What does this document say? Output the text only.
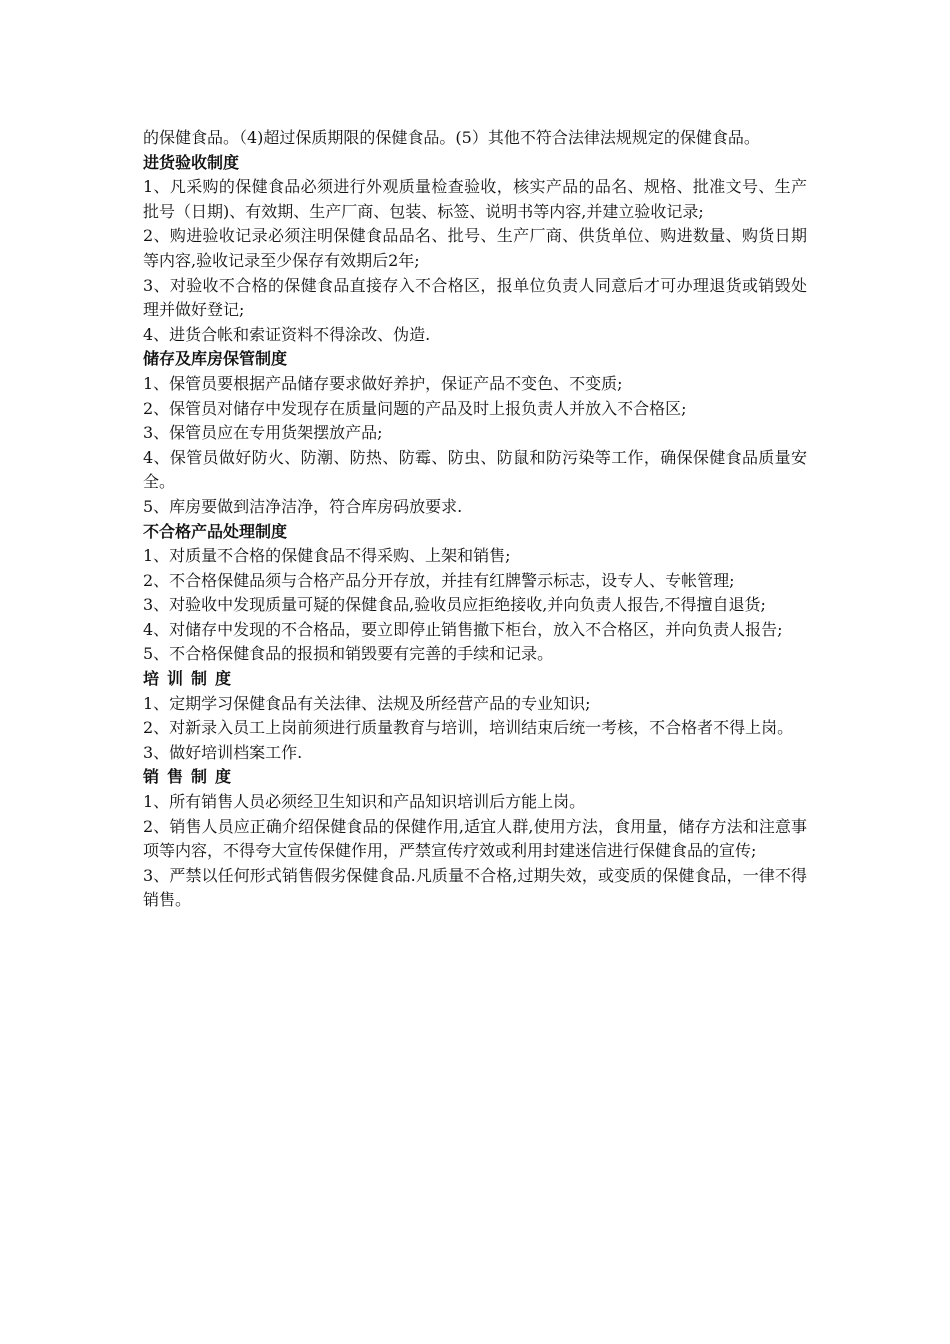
的保健食品。（4)超过保质期限的保健食品。(5）其他不符合法律法规规定的保健食品。

进货验收制度

1、凡采购的保健食品必须进行外观质量检查验收，核实产品的品名、规格、批准文号、生产批号（日期)、有效期、生产厂商、包装、标签、说明书等内容,并建立验收记录;

2、购进验收记录必须注明保健食品品名、批号、生产厂商、供货单位、购进数量、购货日期等内容,验收记录至少保存有效期后2年;

3、对验收不合格的保健食品直接存入不合格区，报单位负责人同意后才可办理退货或销毁处理并做好登记;

4、进货合帐和索证资料不得涂改、伪造.

储存及库房保管制度

1、保管员要根据产品储存要求做好养护，保证产品不变色、不变质;

2、保管员对储存中发现存在质量问题的产品及时上报负责人并放入不合格区;

3、保管员应在专用货架摆放产品;

4、保管员做好防火、防潮、防热、防霉、防虫、防鼠和防污染等工作，确保保健食品质量安全。

5、库房要做到洁净洁净，符合库房码放要求.

不合格产品处理制度

1、对质量不合格的保健食品不得采购、上架和销售;

2、不合格保健品须与合格产品分开存放，并挂有红牌警示标志，设专人、专帐管理;

3、对验收中发现质量可疑的保健食品,验收员应拒绝接收,并向负责人报告,不得擅自退货;

4、对储存中发现的不合格品，要立即停止销售撤下柜台，放入不合格区，并向负责人报告;

5、不合格保健食品的报损和销毁要有完善的手续和记录。

培训制度

1、定期学习保健食品有关法律、法规及所经营产品的专业知识;

2、对新录入员工上岗前须进行质量教育与培训，培训结束后统一考核，不合格者不得上岗。

3、做好培训档案工作.

销售制度

1、所有销售人员必须经卫生知识和产品知识培训后方能上岗。

2、销售人员应正确介绍保健食品的保健作用,适宜人群,使用方法，食用量，储存方法和注意事项等内容，不得夸大宣传保健作用，严禁宣传疗效或利用封建迷信进行保健食品的宣传;

3、严禁以任何形式销售假劣保健食品.凡质量不合格,过期失效，或变质的保健食品，一律不得销售。
